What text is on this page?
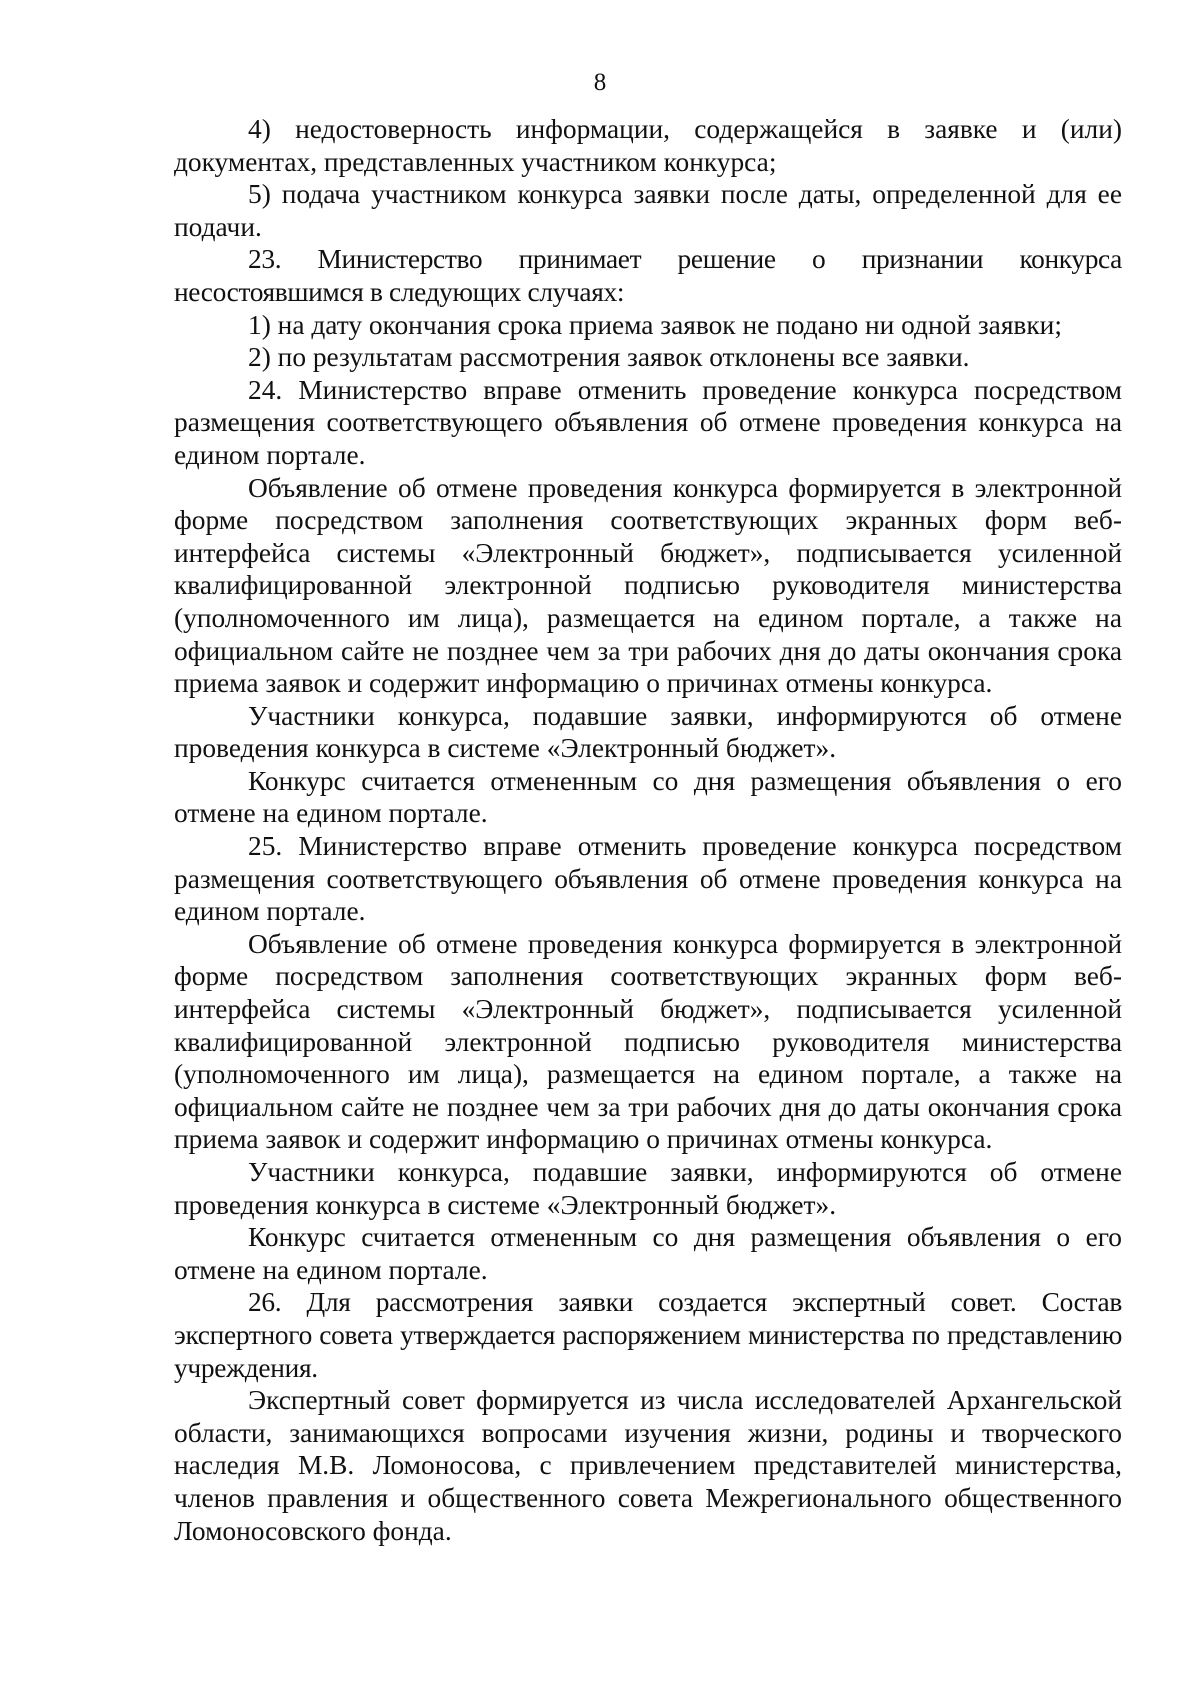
8

4) недостоверность информации, содержащейся в заявке и (или) документах, представленных участником конкурса;

5) подача участником конкурса заявки после даты, определенной для ее подачи.

23. Министерство принимает решение о признании конкурса несостоявшимся в следующих случаях:

1) на дату окончания срока приема заявок не подано ни одной заявки;

2) по результатам рассмотрения заявок отклонены все заявки.

24. Министерство вправе отменить проведение конкурса посредством размещения соответствующего объявления об отмене проведения конкурса на едином портале.

Объявление об отмене проведения конкурса формируется в электронной форме посредством заполнения соответствующих экранных форм веб-интерфейса системы «Электронный бюджет», подписывается усиленной квалифицированной электронной подписью руководителя министерства (уполномоченного им лица), размещается на едином портале, а также на официальном сайте не позднее чем за три рабочих дня до даты окончания срока приема заявок и содержит информацию о причинах отмены конкурса.

Участники конкурса, подавшие заявки, информируются об отмене проведения конкурса в системе «Электронный бюджет».

Конкурс считается отмененным со дня размещения объявления о его отмене на едином портале.

25. Министерство вправе отменить проведение конкурса посредством размещения соответствующего объявления об отмене проведения конкурса на едином портале.

Объявление об отмене проведения конкурса формируется в электронной форме посредством заполнения соответствующих экранных форм веб-интерфейса системы «Электронный бюджет», подписывается усиленной квалифицированной электронной подписью руководителя министерства (уполномоченного им лица), размещается на едином портале, а также на официальном сайте не позднее чем за три рабочих дня до даты окончания срока приема заявок и содержит информацию о причинах отмены конкурса.

Участники конкурса, подавшие заявки, информируются об отмене проведения конкурса в системе «Электронный бюджет».

Конкурс считается отмененным со дня размещения объявления о его отмене на едином портале.

26. Для рассмотрения заявки создается экспертный совет. Состав экспертного совета утверждается распоряжением министерства по представлению учреждения.

Экспертный совет формируется из числа исследователей Архангельской области, занимающихся вопросами изучения жизни, родины и творческого наследия М.В. Ломоносова, с привлечением представителей министерства, членов правления и общественного совета Межрегионального общественного Ломоносовского фонда.
